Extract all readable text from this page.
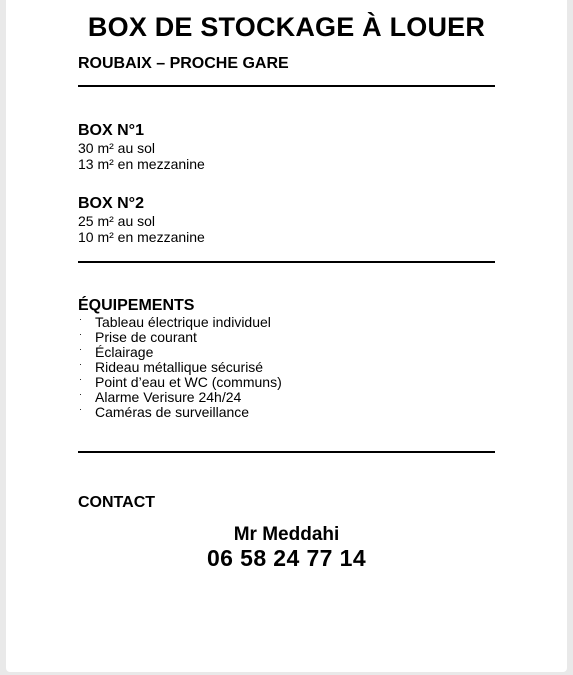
BOX DE STOCKAGE À LOUER
ROUBAIX – PROCHE GARE
BOX N°1
30 m² au sol
13 m² en mezzanine
BOX N°2
25 m² au sol
10 m² en mezzanine
ÉQUIPEMENTS
· Tableau électrique individuel
· Prise de courant
· Éclairage
· Rideau métallique sécurisé
· Point d’eau et WC (communs)
· Alarme Verisure 24h/24
· Caméras de surveillance
CONTACT
Mr Meddahi
06 58 24 77 14
